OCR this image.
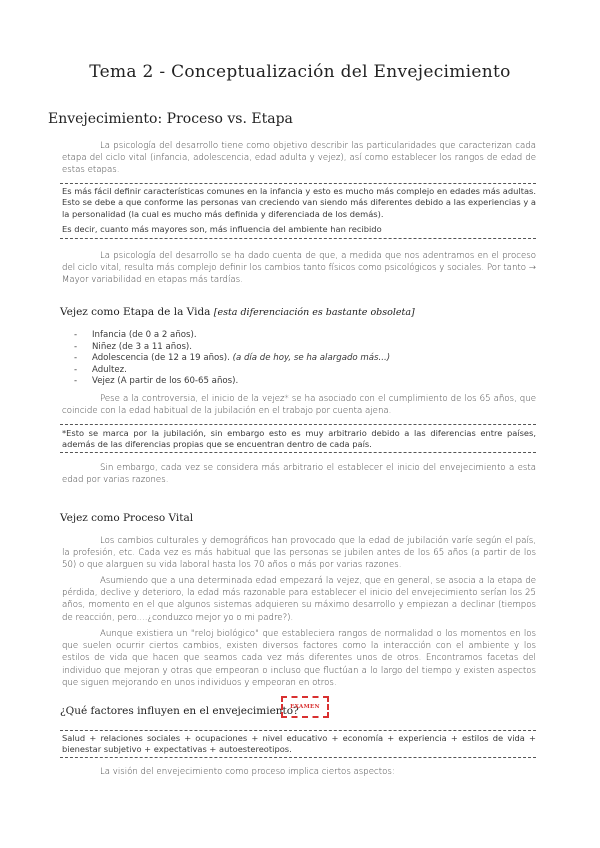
Tema 2 - Conceptualización del Envejecimiento
Envejecimiento: Proceso vs. Etapa
La psicología del desarrollo tiene como objetivo describir las particularidades que caracterizan cada etapa del ciclo vital (infancia, adolescencia, edad adulta y vejez), así como establecer los rangos de edad de estas etapas.
Es más fácil definir características comunes en la infancia y esto es mucho más complejo en edades más adultas. Esto se debe a que conforme las personas van creciendo van siendo más diferentes debido a las experiencias y a la personalidad (la cual es mucho más definida y diferenciada de los demás).
Es decir, cuanto más mayores son, más influencia del ambiente han recibido
La psicología del desarrollo se ha dado cuenta de que, a medida que nos adentramos en el proceso del ciclo vital, resulta más complejo definir los cambios tanto físicos como psicológicos y sociales. Por tanto → Mayor variabilidad en etapas más tardías.
Vejez como Etapa de la Vida [esta diferenciación es bastante obsoleta]
- Infancia (de 0 a 2 años).
- Niñez (de 3 a 11 años).
- Adolescencia (de 12 a 19 años). (a día de hoy, se ha alargado más...)
- Adultez.
- Vejez (A partir de los 60-65 años).
Pese a la controversia, el inicio de la vejez* se ha asociado con el cumplimiento de los 65 años, que coincide con la edad habitual de la jubilación en el trabajo por cuenta ajena.
*Esto se marca por la jubilación, sin embargo esto es muy arbitrario debido a las diferencias entre países, además de las diferencias propias que se encuentran dentro de cada país.
Sin embargo, cada vez se considera más arbitrario el establecer el inicio del envejecimiento a esta edad por varias razones.
Vejez como Proceso Vital
Los cambios culturales y demográficos han provocado que la edad de jubilación varíe según el país, la profesión, etc. Cada vez es más habitual que las personas se jubilen antes de los 65 años (a partir de los 50) o que alarguen su vida laboral hasta los 70 años o más por varias razones.
Asumiendo que a una determinada edad empezará la vejez, que en general, se asocia a la etapa de pérdida, declive y deterioro, la edad más razonable para establecer el inicio del envejecimiento serían los 25 años, momento en el que algunos sistemas adquieren su máximo desarrollo y empiezan a declinar (tiempos de reacción, pero....¿conduzco mejor yo o mi padre?).
Aunque existiera un "reloj biológico" que estableciera rangos de normalidad o los momentos en los que suelen ocurrir ciertos cambios, existen diversos factores como la interacción con el ambiente y los estilos de vida que hacen que seamos cada vez más diferentes unos de otros. Encontramos facetas del individuo que mejoran y otras que empeoran o incluso que fluctúan a lo largo del tiempo y existen aspectos que siguen mejorando en unos individuos y empeoran en otros.
¿Qué factores influyen en el envejecimiento?
EXAMEN
Salud + relaciones sociales + ocupaciones + nivel educativo + economía + experiencia + estilos de vida + bienestar subjetivo + expectativas + autoestereotipos.
La visión del envejecimiento como proceso implica ciertos aspectos:
